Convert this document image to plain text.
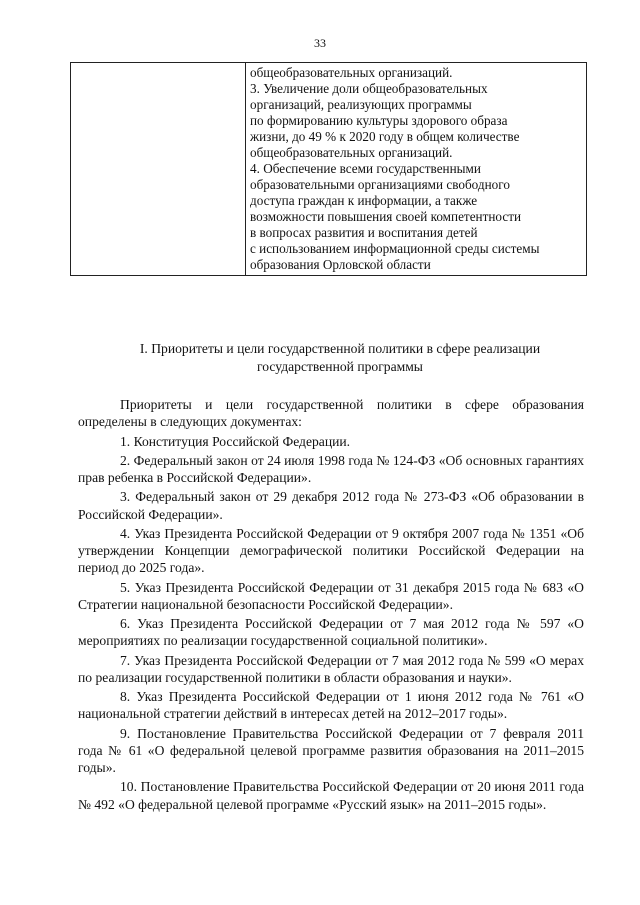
33

общеобразовательных организаций.
3. Увеличение доли общеобразовательных
организаций, реализующих программы
по формированию культуры здорового образа
жизни, до 49 % к 2020 году в общем количестве
общеобразовательных организаций.
4. Обеспечение всеми государственными
образовательными организациями свободного
доступа граждан к информации, а также
возможности повышения своей компетентности
в вопросах развития и воспитания детей
с использованием информационной среды системы
образования Орловской области
I. Приоритеты и цели государственной политики в сфере реализации
государственной программы

Приоритеты и цели государственной политики в сфере образования определены в следующих документах:

1. Конституция Российской Федерации.

2. Федеральный закон от 24 июля 1998 года № 124-ФЗ «Об основных гарантиях прав ребенка в Российской Федерации».

3. Федеральный закон от 29 декабря 2012 года № 273-ФЗ «Об образовании в Российской Федерации».

4. Указ Президента Российской Федерации от 9 октября 2007 года № 1351 «Об утверждении Концепции демографической политики Российской Федерации на период до 2025 года».

5. Указ Президента Российской Федерации от 31 декабря 2015 года № 683 «О Стратегии национальной безопасности Российской Федерации».

6. Указ Президента Российской Федерации от 7 мая 2012 года № 597 «О мероприятиях по реализации государственной социальной политики».

7. Указ Президента Российской Федерации от 7 мая 2012 года № 599 «О мерах по реализации государственной политики в области образования и науки».

8. Указ Президента Российской Федерации от 1 июня 2012 года № 761 «О национальной стратегии действий в интересах детей на 2012–2017 годы».

9. Постановление Правительства Российской Федерации от 7 февраля 2011 года № 61 «О федеральной целевой программе развития образования на 2011–2015 годы».

10. Постановление Правительства Российской Федерации от 20 июня 2011 года № 492 «О федеральной целевой программе «Русский язык» на 2011–2015 годы».
